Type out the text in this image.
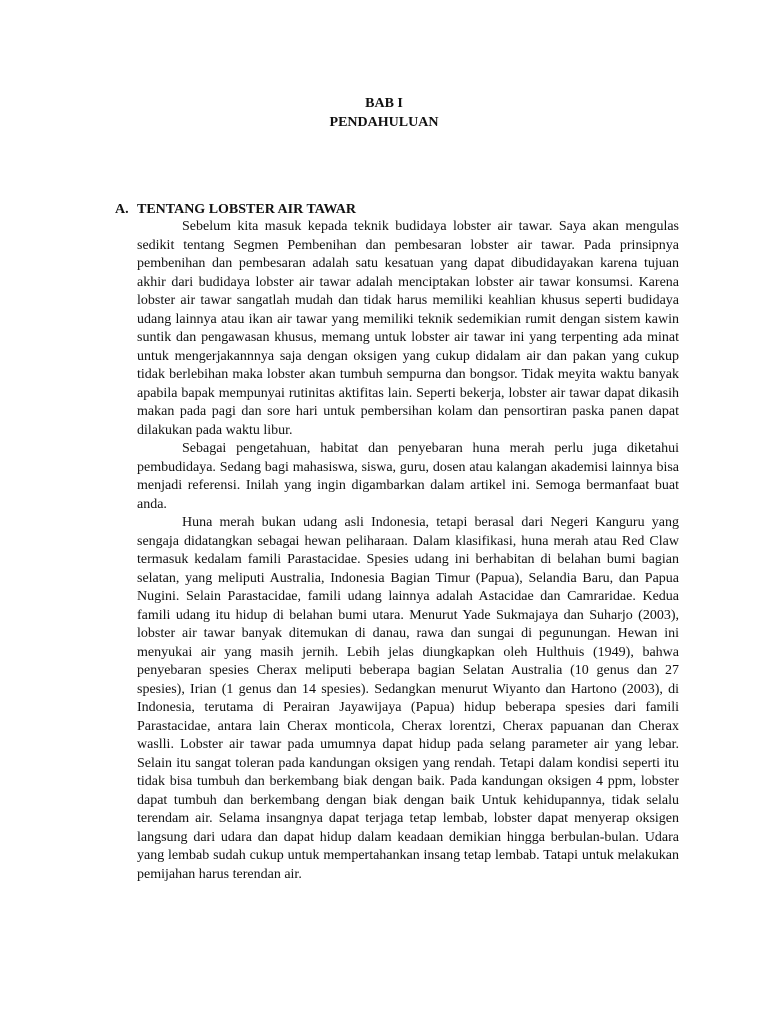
BAB I
PENDAHULUAN
A. TENTANG LOBSTER AIR TAWAR

Sebelum kita masuk kepada teknik budidaya lobster air tawar. Saya akan mengulas sedikit tentang Segmen Pembenihan dan pembesaran lobster air tawar. Pada prinsipnya pembenihan dan pembesaran adalah satu kesatuan yang dapat dibudidayakan karena tujuan akhir dari budidaya lobster air tawar adalah menciptakan lobster air tawar konsumsi. Karena lobster air tawar sangatlah mudah dan tidak harus memiliki keahlian khusus seperti budidaya udang lainnya atau ikan air tawar yang memiliki teknik sedemikian rumit dengan sistem kawin suntik dan pengawasan khusus, memang untuk lobster air tawar ini yang terpenting ada minat untuk mengerjakannnya saja dengan oksigen yang cukup didalam air dan pakan yang cukup tidak berlebihan maka lobster akan tumbuh sempurna dan bongsor. Tidak meyita waktu banyak apabila bapak mempunyai rutinitas aktifitas lain. Seperti bekerja, lobster air tawar dapat dikasih makan pada pagi dan sore hari untuk pembersihan kolam dan pensortiran paska panen dapat dilakukan pada waktu libur.

Sebagai pengetahuan, habitat dan penyebaran huna merah perlu juga diketahui pembudidaya. Sedang bagi mahasiswa, siswa, guru, dosen atau kalangan akademisi lainnya bisa menjadi referensi. Inilah yang ingin digambarkan dalam artikel ini. Semoga bermanfaat buat anda.

Huna merah bukan udang asli Indonesia, tetapi berasal dari Negeri Kanguru yang sengaja didatangkan sebagai hewan peliharaan. Dalam klasifikasi, huna merah atau Red Claw termasuk kedalam famili Parastacidae. Spesies udang ini berhabitan di belahan bumi bagian selatan, yang meliputi Australia, Indonesia Bagian Timur (Papua), Selandia Baru, dan Papua Nugini. Selain Parastacidae, famili udang lainnya adalah Astacidae dan Camraridae. Kedua famili udang itu hidup di belahan bumi utara. Menurut Yade Sukmajaya dan Suharjo (2003), lobster air tawar banyak ditemukan di danau, rawa dan sungai di pegunungan. Hewan ini menyukai air yang masih jernih. Lebih jelas diungkapkan oleh Hulthuis (1949), bahwa penyebaran spesies Cherax meliputi beberapa bagian Selatan Australia (10 genus dan 27 spesies), Irian (1 genus dan 14 spesies). Sedangkan menurut Wiyanto dan Hartono (2003), di Indonesia, terutama di Perairan Jayawijaya (Papua) hidup beberapa spesies dari famili Parastacidae, antara lain Cherax monticola, Cherax lorentzi, Cherax papuanan dan Cherax waslli. Lobster air tawar pada umumnya dapat hidup pada selang parameter air yang lebar. Selain itu sangat toleran pada kandungan oksigen yang rendah. Tetapi dalam kondisi seperti itu tidak bisa tumbuh dan berkembang biak dengan baik. Pada kandungan oksigen 4 ppm, lobster dapat tumbuh dan berkembang dengan biak dengan baik Untuk kehidupannya, tidak selalu terendam air. Selama insangnya dapat terjaga tetap lembab, lobster dapat menyerap oksigen langsung dari udara dan dapat hidup dalam keadaan demikian hingga berbulan-bulan. Udara yang lembab sudah cukup untuk mempertahankan insang tetap lembab. Tatapi untuk melakukan pemijahan harus terendan air.
